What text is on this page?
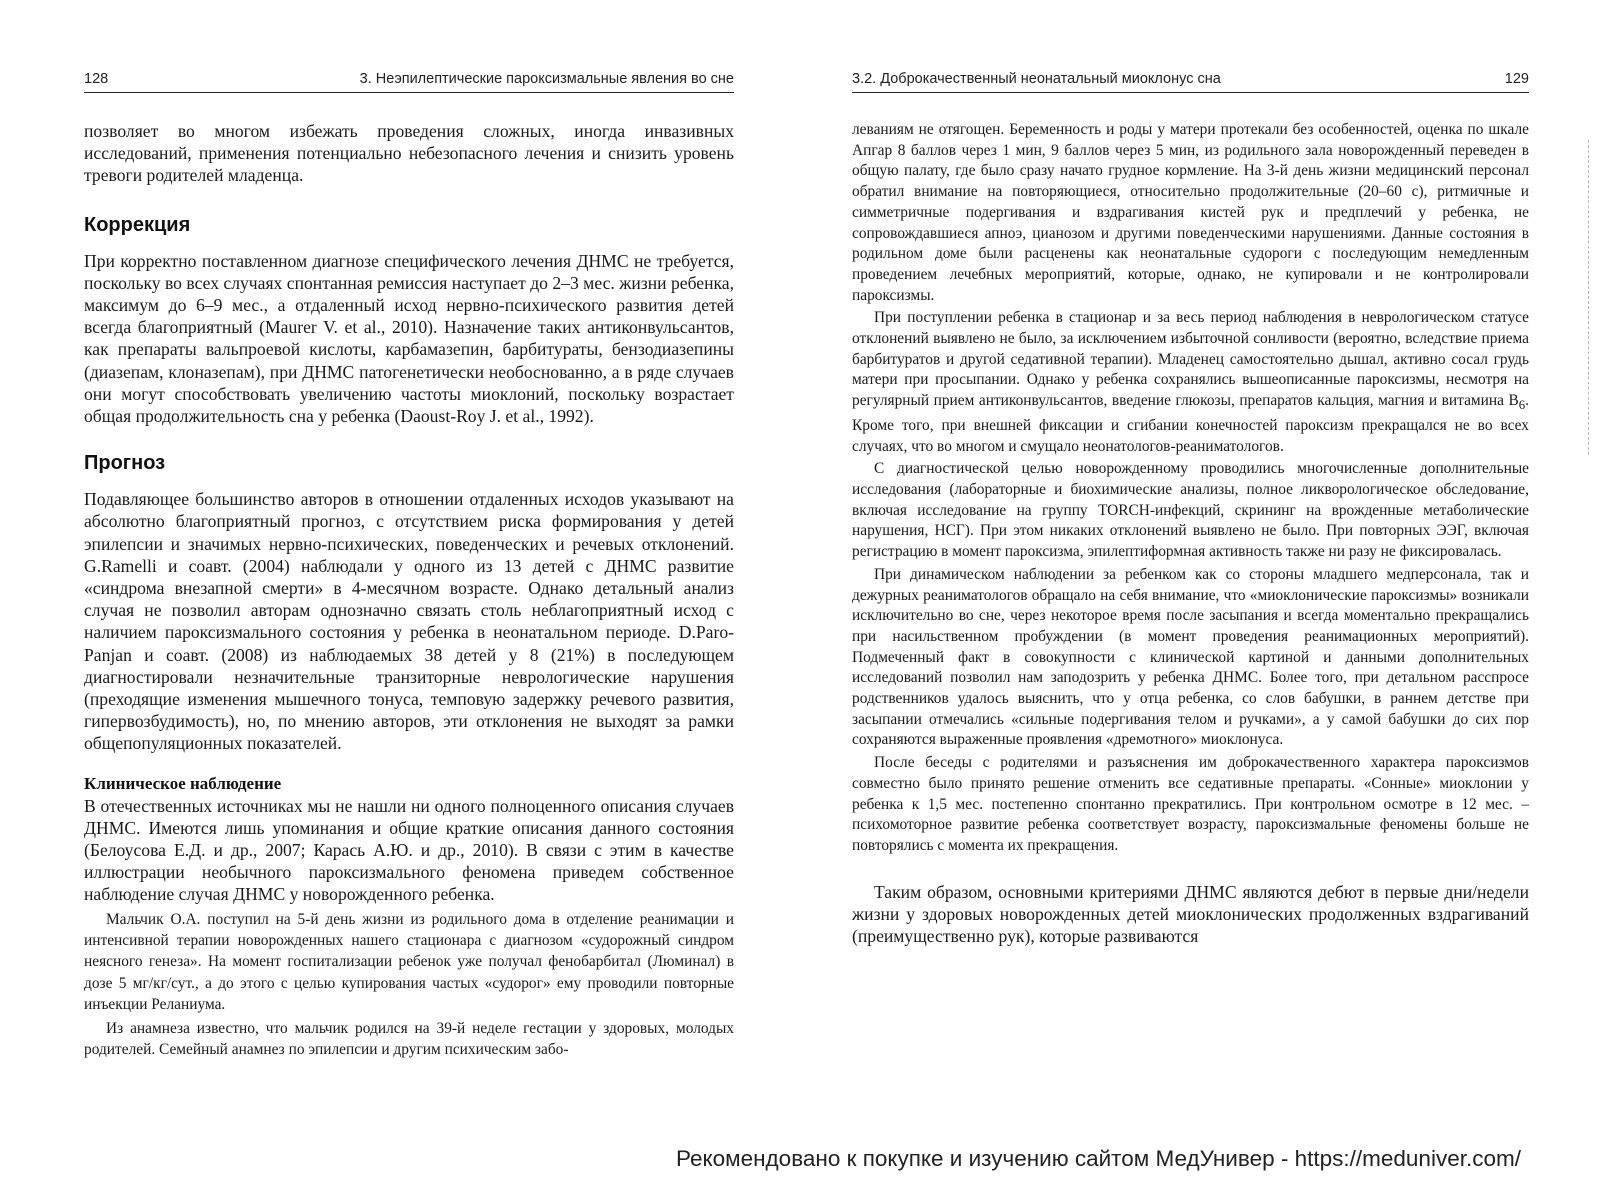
128	3. Неэпилептические пароксизмальные явления во сне

позволяет во многом избежать проведения сложных, иногда инвазивных исследований, применения потенциально небезопасного лечения и снизить уровень тревоги родителей младенца.

Коррекция

При корректно поставленном диагнозе специфического лечения ДНМС не требуется, поскольку во всех случаях спонтанная ремиссия наступает до 2–3 мес. жизни ребенка, максимум до 6–9 мес., а отдаленный исход нервно-психического развития детей всегда благоприятный (Maurer V. et al., 2010). Назначение таких антиконвульсантов, как препараты вальпроевой кислоты, карбамазепин, барбитураты, бензодиазепины (диазепам, клоназепам), при ДНМС патогенетически необоснованно, а в ряде случаев они могут способствовать увеличению частоты миоклоний, поскольку возрастает общая продолжительность сна у ребенка (Daoust-Roy J. et al., 1992).

Прогноз

Подавляющее большинство авторов в отношении отдаленных исходов указывают на абсолютно благоприятный прогноз, с отсутствием риска формирования у детей эпилепсии и значимых нервно-психических, поведенческих и речевых отклонений. G.Ramelli и соавт. (2004) наблюдали у одного из 13 детей с ДНМС развитие «синдрома внезапной смерти» в 4-месячном возрасте. Однако детальный анализ случая не позволил авторам однозначно связать столь неблагоприятный исход с наличием пароксизмального состояния у ребенка в неонатальном периоде. D.Paro-Panjan и соавт. (2008) из наблюдаемых 38 детей у 8 (21%) в последующем диагностировали незначительные транзиторные неврологические нарушения (преходящие изменения мышечного тонуса, темповую задержку речевого развития, гипервозбудимость), но, по мнению авторов, эти отклонения не выходят за рамки общепопуляционных показателей.

Клиническое наблюдение

В отечественных источниках мы не нашли ни одного полноценного описания случаев ДНМС. Имеются лишь упоминания и общие краткие описания данного состояния (Белоусова Е.Д. и др., 2007; Карась А.Ю. и др., 2010). В связи с этим в качестве иллюстрации необычного пароксизмального феномена приведем собственное наблюдение случая ДНМС у новорожденного ребенка.

Мальчик О.А. поступил на 5-й день жизни из родильного дома в отделение реанимации и интенсивной терапии новорожденных нашего стационара с диагнозом «судорожный синдром неясного генеза». На момент госпитализации ребенок уже получал фенобарбитал (Люминал) в дозе 5 мг/кг/сут., а до этого с целью купирования частых «судорог» ему проводили повторные инъекции Реланиума.

Из анамнеза известно, что мальчик родился на 39-й неделе гестации у здоровых, молодых родителей. Семейный анамнез по эпилепсии и другим психическим забо-

3.2. Доброкачественный неонатальный миоклонус сна	129

леваниям не отягощен. Беременность и роды у матери протекали без особенностей, оценка по шкале Апгар 8 баллов через 1 мин, 9 баллов через 5 мин, из родильного зала новорожденный переведен в общую палату, где было сразу начато грудное кормление. На 3-й день жизни медицинский персонал обратил внимание на повторяющиеся, относительно продолжительные (20–60 с), ритмичные и симметричные подергивания и вздрагивания кистей рук и предплечий у ребенка, не сопровождавшиеся апноэ, цианозом и другими поведенческими нарушениями. Данные состояния в родильном доме были расценены как неонатальные судороги с последующим немедленным проведением лечебных мероприятий, которые, однако, не купировали и не контролировали пароксизмы.

При поступлении ребенка в стационар и за весь период наблюдения в неврологическом статусе отклонений выявлено не было, за исключением избыточной сонливости (вероятно, вследствие приема барбитуратов и другой седативной терапии). Младенец самостоятельно дышал, активно сосал грудь матери при просыпании. Однако у ребенка сохранялись вышеописанные пароксизмы, несмотря на регулярный прием антиконвульсантов, введение глюкозы, препаратов кальция, магния и витамина $B_6$. Кроме того, при внешней фиксации и сгибании конечностей пароксизм прекращался не во всех случаях, что во многом и смущало неонатологов-реаниматологов.

С диагностической целью новорожденному проводились многочисленные дополнительные исследования (лабораторные и биохимические анализы, полное ликворологическое обследование, включая исследование на группу TORCH-инфекций, скрининг на врожденные метаболические нарушения, НСГ). При этом никаких отклонений выявлено не было. При повторных ЭЭГ, включая регистрацию в момент пароксизма, эпилептиформная активность также ни разу не фиксировалась.

При динамическом наблюдении за ребенком как со стороны младшего медперсонала, так и дежурных реаниматологов обращало на себя внимание, что «миоклонические пароксизмы» возникали исключительно во сне, через некоторое время после засыпания и всегда моментально прекращались при насильственном пробуждении (в момент проведения реанимационных мероприятий). Подмеченный факт в совокупности с клинической картиной и данными дополнительных исследований позволил нам заподозрить у ребенка ДНМС. Более того, при детальном расспросе родственников удалось выяснить, что у отца ребенка, со слов бабушки, в раннем детстве при засыпании отмечались «сильные подергивания телом и ручками», а у самой бабушки до сих пор сохраняются выраженные проявления «дремотного» миоклонуса.

После беседы с родителями и разъяснения им доброкачественного характера пароксизмов совместно было принято решение отменить все седативные препараты. «Сонные» миоклонии у ребенка к 1,5 мес. постепенно спонтанно прекратились. При контрольном осмотре в 12 мес. – психомоторное развитие ребенка соответствует возрасту, пароксизмальные феномены больше не повторялись с момента их прекращения.

Таким образом, основными критериями ДНМС являются дебют в первые дни/недели жизни у здоровых новорожденных детей миоклонических продолженных вздрагиваний (преимущественно рук), которые развиваются

Рекомендовано к покупке и изучению сайтом МедУнивер - https://meduniver.com/
